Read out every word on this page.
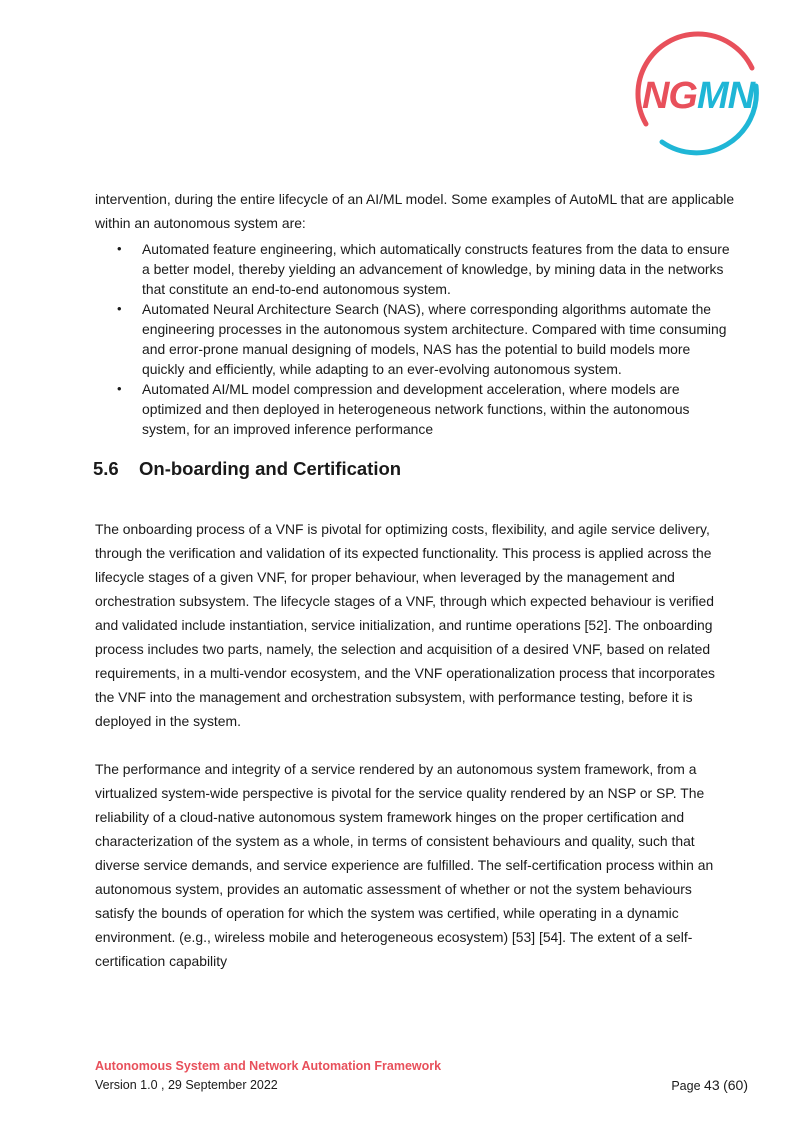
NGMN

intervention, during the entire lifecycle of an AI/ML model. Some examples of AutoML that are applicable within an autonomous system are:

• Automated feature engineering, which automatically constructs features from the data to ensure a better model, thereby yielding an advancement of knowledge, by mining data in the networks that constitute an end-to-end autonomous system.
• Automated Neural Architecture Search (NAS), where corresponding algorithms automate the engineering processes in the autonomous system architecture. Compared with time consuming and error-prone manual designing of models, NAS has the potential to build models more quickly and efficiently, while adapting to an ever-evolving autonomous system.
• Automated AI/ML model compression and development acceleration, where models are optimized and then deployed in heterogeneous network functions, within the autonomous system, for an improved inference performance
5.6 On-boarding and Certification

The onboarding process of a VNF is pivotal for optimizing costs, flexibility, and agile service delivery, through the verification and validation of its expected functionality. This process is applied across the lifecycle stages of a given VNF, for proper behaviour, when leveraged by the management and orchestration subsystem. The lifecycle stages of a VNF, through which expected behaviour is verified and validated include instantiation, service initialization, and runtime operations [52]. The onboarding process includes two parts, namely, the selection and acquisition of a desired VNF, based on related requirements, in a multi-vendor ecosystem, and the VNF operationalization process that incorporates the VNF into the management and orchestration subsystem, with performance testing, before it is deployed in the system.

The performance and integrity of a service rendered by an autonomous system framework, from a virtualized system-wide perspective is pivotal for the service quality rendered by an NSP or SP. The reliability of a cloud-native autonomous system framework hinges on the proper certification and characterization of the system as a whole, in terms of consistent behaviours and quality, such that diverse service demands, and service experience are fulfilled. The self-certification process within an autonomous system, provides an automatic assessment of whether or not the system behaviours satisfy the bounds of operation for which the system was certified, while operating in a dynamic environment. (e.g., wireless mobile and heterogeneous ecosystem) [53] [54]. The extent of a self-certification capability

Autonomous System and Network Automation Framework
Version 1.0 , 29 September 2022	Page 43 (60)
